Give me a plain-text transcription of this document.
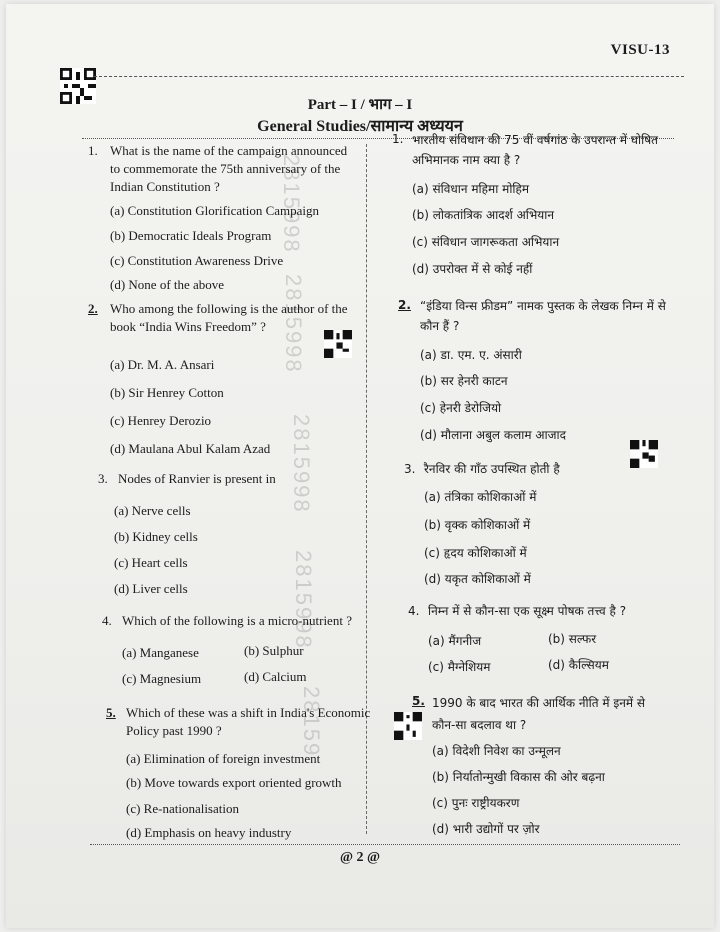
VISU-13
Part – I / भाग – I
General Studies/सामान्य अध्ययन
2815998
2815998
2815998
2815998
28159
1. What is the name of the campaign announced to commemorate the 75th anniversary of the Indian Constitution ?
(a) Constitution Glorification Campaign
(b) Democratic Ideals Program
(c) Constitution Awareness Drive
(d) None of the above
2. Who among the following is the author of the book “India Wins Freedom” ?
(a) Dr. M. A. Ansari
(b) Sir Henrey Cotton
(c) Henrey Derozio
(d) Maulana Abul Kalam Azad
3. Nodes of Ranvier is present in
(a) Nerve cells
(b) Kidney cells
(c) Heart cells
(d) Liver cells
4. Which of the following is a micro-nutrient ?
(a) Manganese	(b) Sulphur
(c) Magnesium	(d) Calcium
5. Which of these was a shift in India's Economic Policy past 1990 ?
(a) Elimination of foreign investment
(b) Move towards export oriented growth
(c) Re-nationalisation
(d) Emphasis on heavy industry
1. भारतीय संविधान की 75 वीं वर्षगांठ के उपरान्त में घोषित अभिमानक नाम क्या है ?
(a) संविधान महिमा मोहिम
(b) लोकतांत्रिक आदर्श अभियान
(c) संविधान जागरूकता अभियान
(d) उपरोक्त में से कोई नहीं
2. “इंडिया विन्स फ्रीडम” नामक पुस्तक के लेखक निम्न में से कौन हैं ?
(a) डा. एम. ए. अंसारी
(b) सर हेनरी काटन
(c) हेनरी डेरोजियो
(d) मौलाना अबुल कलाम आजाद
3. रैनविर की गाँठ उपस्थित होती है
(a) तंत्रिका कोशिकाओं में
(b) वृक्क कोशिकाओं में
(c) हृदय कोशिकाओं में
(d) यकृत कोशिकाओं में
4. निम्न में से कौन-सा एक सूक्ष्म पोषक तत्त्व है ?
(a) मैंगनीज	(b) सल्फर
(c) मैग्नेशियम	(d) कैल्सियम
5. 1990 के बाद भारत की आर्थिक नीति में इनमें से कौन-सा बदलाव था ?
(a) विदेशी निवेश का उन्मूलन
(b) निर्यातोन्मुखी विकास की ओर बढ़ना
(c) पुनः राष्ट्रीयकरण
(d) भारी उद्योगों पर ज़ोर
@ 2 @
